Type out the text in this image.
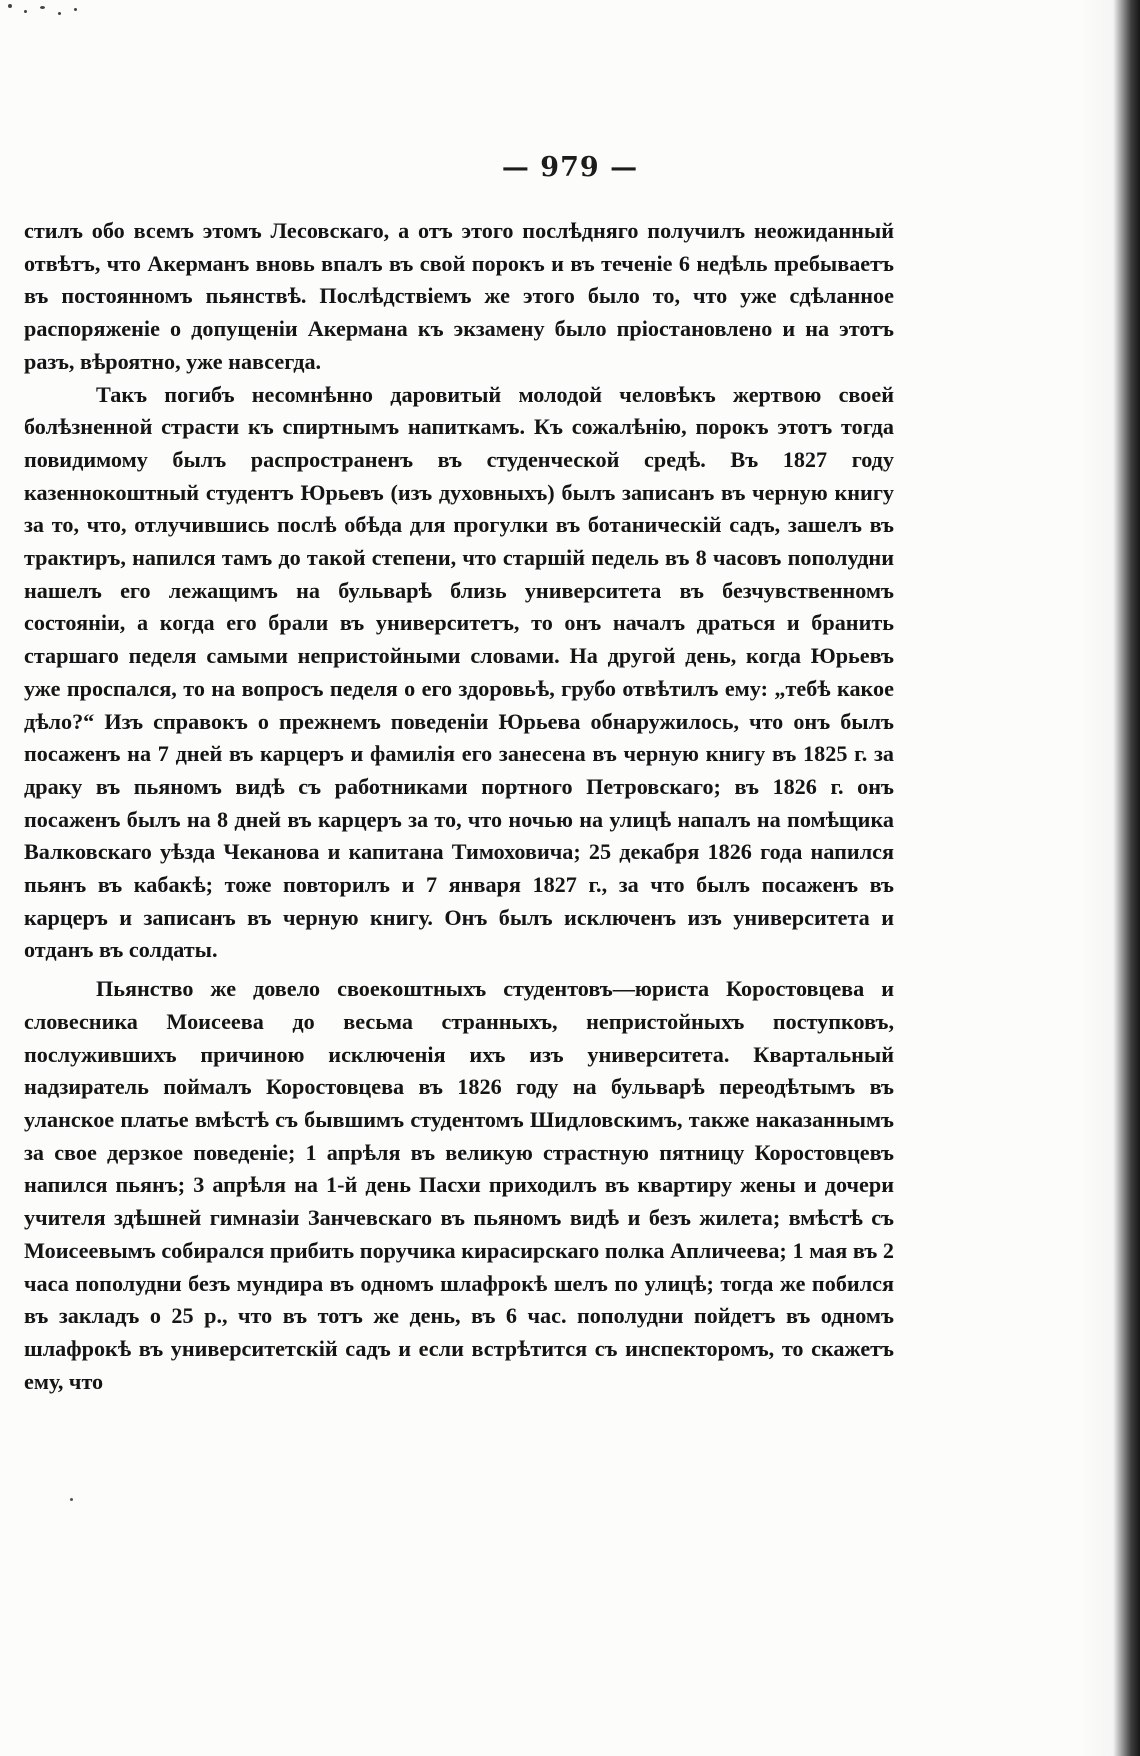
— 979 —

стилъ обо всемъ этомъ Лесовскаго, а отъ этого послѣдняго получилъ неожиданный отвѣтъ, что Акерманъ вновь впалъ въ свой порокъ и въ теченіе 6 недѣль пребываетъ въ постоянномъ пьянствѣ. Послѣдствіемъ же этого было то, что уже сдѣланное распоряженіе о допущеніи Акермана къ экзамену было пріостановлено и на этотъ разъ, вѣроятно, уже навсегда.

Такъ погибъ несомнѣнно даровитый молодой человѣкъ жертвою своей болѣзненной страсти къ спиртнымъ напиткамъ. Къ сожалѣнію, порокъ этотъ тогда повидимому былъ распространенъ въ студенческой средѣ. Въ 1827 году казеннокоштный студентъ Юрьевъ (изъ духовныхъ) былъ записанъ въ черную книгу за то, что, отлучившись послѣ обѣда для прогулки въ ботаническій садъ, зашелъ въ трактиръ, напился тамъ до такой степени, что старшій педель въ 8 часовъ пополудни нашелъ его лежащимъ на бульварѣ близь университета въ безчувственномъ состояніи, а когда его брали въ университетъ, то онъ началъ драться и бранить старшаго педеля самыми непристойными словами. На другой день, когда Юрьевъ уже проспался, то на вопросъ педеля о его здоровьѣ, грубо отвѣтилъ ему: „тебѣ какое дѣло?“ Изъ справокъ о прежнемъ поведеніи Юрьева обнаружилось, что онъ былъ посаженъ на 7 дней въ карцеръ и фамилія его занесена въ черную книгу въ 1825 г. за драку въ пьяномъ видѣ съ работниками портного Петровскаго; въ 1826 г. онъ посаженъ былъ на 8 дней въ карцеръ за то, что ночью на улицѣ напалъ на помѣщика Валковскаго уѣзда Чеканова и капитана Тимоховича; 25 декабря 1826 года напился пьянъ въ кабакѣ; тоже повторилъ и 7 января 1827 г., за что былъ посаженъ въ карцеръ и записанъ въ черную книгу. Онъ былъ исключенъ изъ университета и отданъ въ солдаты.

Пьянство же довело своекоштныхъ студентовъ—юриста Коростовцева и словесника Моисеева до весьма странныхъ, непристойныхъ поступковъ, послужившихъ причиною исключенія ихъ изъ университета. Квартальный надзиратель поймалъ Коростовцева въ 1826 году на бульварѣ переодѣтымъ въ уланское платье вмѣстѣ съ бывшимъ студентомъ Шидловскимъ, также наказаннымъ за свое дерзкое поведеніе; 1 апрѣля въ великую страстную пятницу Коростовцевъ напился пьянъ; 3 апрѣля на 1-й день Пасхи приходилъ въ квартиру жены и дочери учителя здѣшней гимназіи Занчевскаго въ пьяномъ видѣ и безъ жилета; вмѣстѣ съ Моисеевымъ собирался прибить поручика кирасирскаго полка Апличеева; 1 мая въ 2 часа пополудни безъ мундира въ одномъ шлафрокѣ шелъ по улицѣ; тогда же побился въ закладъ о 25 р., что въ тотъ же день, въ 6 час. пополудни пойдетъ въ одномъ шлафрокѣ въ университетскій садъ и если встрѣтится съ инспекторомъ, то скажетъ ему, что
